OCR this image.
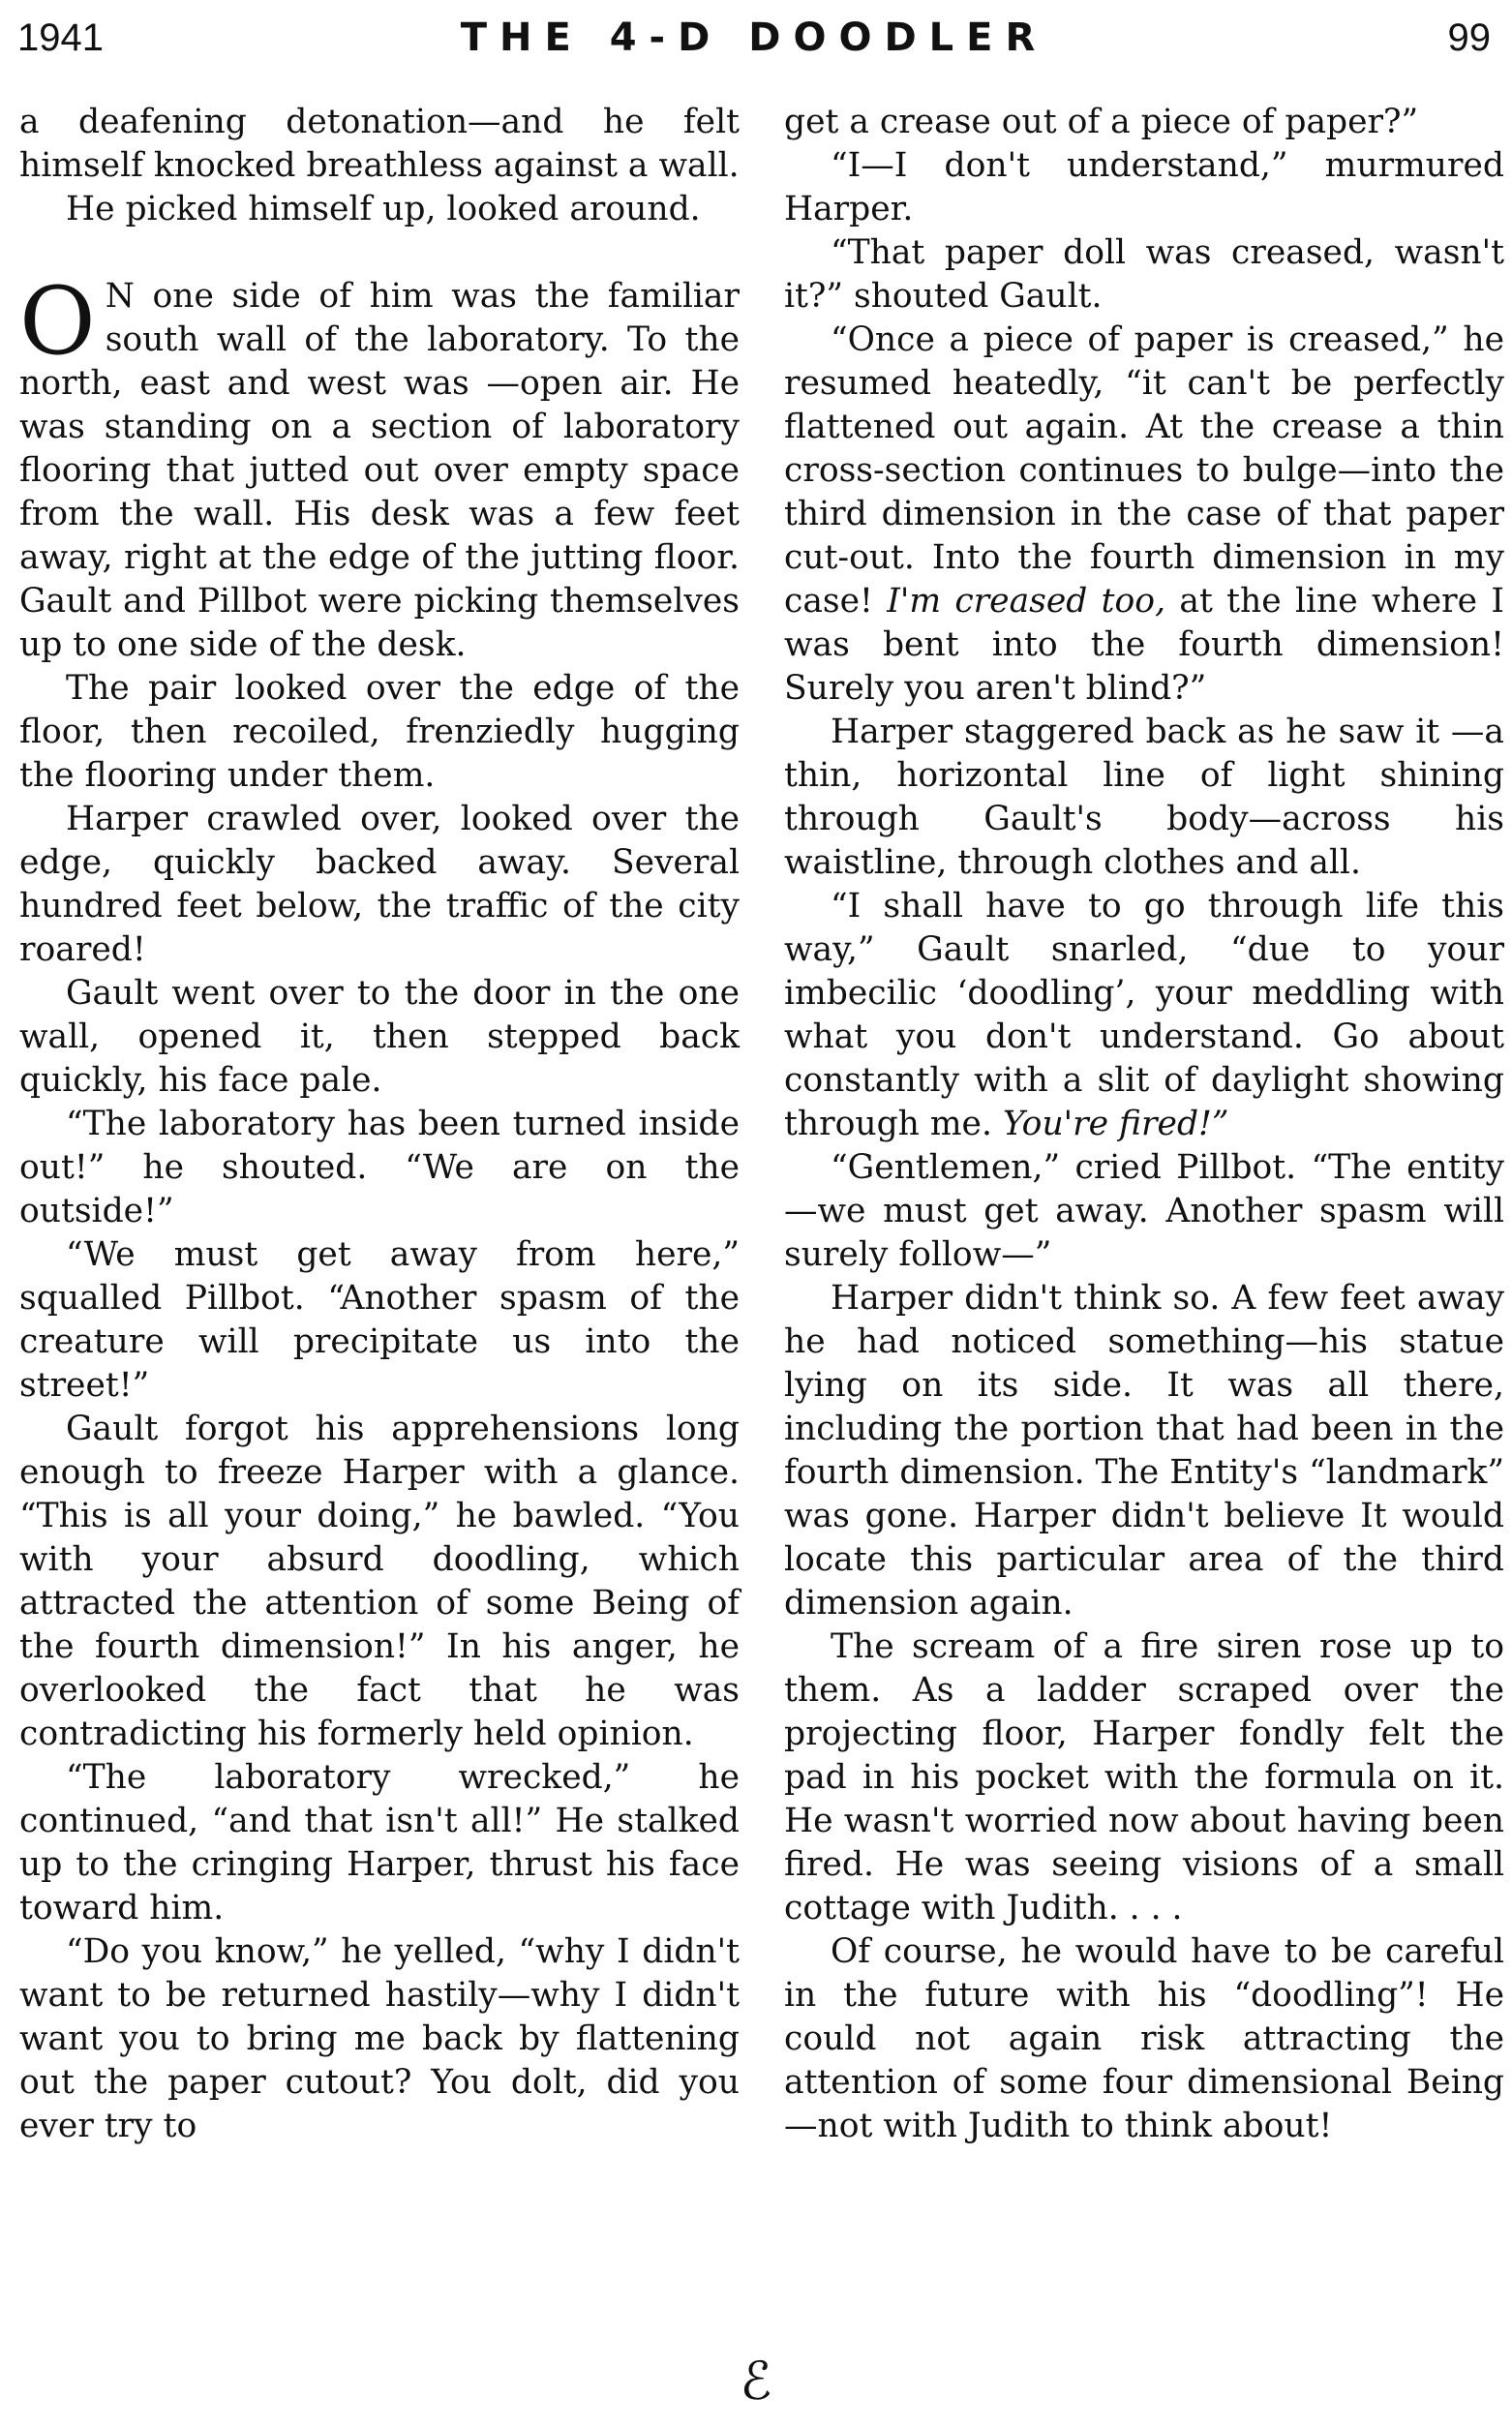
1941	THE 4-D DOODLER	99

a deafening detonation—and he felt himself knocked breathless against a wall.

He picked himself up, looked around.

O N one side of him was the familiar south wall of the laboratory. To the north, east and west was —open air. He was standing on a section of laboratory flooring that jutted out over empty space from the wall. His desk was a few feet away, right at the edge of the jutting floor. Gault and Pillbot were picking themselves up to one side of the desk.

The pair looked over the edge of the floor, then recoiled, frenziedly hugging the flooring under them.

Harper crawled over, looked over the edge, quickly backed away. Several hundred feet below, the traffic of the city roared!

Gault went over to the door in the one wall, opened it, then stepped back quickly, his face pale.

“The laboratory has been turned inside out!” he shouted. “We are on the outside!”

“We must get away from here,” squalled Pillbot. “Another spasm of the creature will precipitate us into the street!”

Gault forgot his apprehensions long enough to freeze Harper with a glance. “This is all your doing,” he bawled. “You with your absurd doodling, which attracted the attention of some Being of the fourth dimension!” In his anger, he overlooked the fact that he was contradicting his formerly held opinion.

“The laboratory wrecked,” he continued, “and that isn't all!” He stalked up to the cringing Harper, thrust his face toward him.

“Do you know,” he yelled, “why I didn't want to be returned hastily—why I didn't want you to bring me back by flattening out the paper cutout? You dolt, did you ever try to

get a crease out of a piece of paper?”

“I—I don't understand,” murmured Harper.

“That paper doll was creased, wasn't it?” shouted Gault.

“Once a piece of paper is creased,” he resumed heatedly, “it can't be perfectly flattened out again. At the crease a thin cross-section continues to bulge—into the third dimension in the case of that paper cut-out. Into the fourth dimension in my case! I'm creased too, at the line where I was bent into the fourth dimension! Surely you aren't blind?”

Harper staggered back as he saw it —a thin, horizontal line of light shining through Gault's body—across his waistline, through clothes and all.

“I shall have to go through life this way,” Gault snarled, “due to your imbecilic ‘doodling’, your meddling with what you don't understand. Go about constantly with a slit of daylight showing through me. You're fired!”

“Gentlemen,” cried Pillbot. “The entity—we must get away. Another spasm will surely follow—”

Harper didn't think so. A few feet away he had noticed something—his statue lying on its side. It was all there, including the portion that had been in the fourth dimension. The Entity's “landmark” was gone. Harper didn't believe It would locate this particular area of the third dimension again.

The scream of a fire siren rose up to them. As a ladder scraped over the projecting floor, Harper fondly felt the pad in his pocket with the formula on it. He wasn't worried now about having been fired. He was seeing visions of a small cottage with Judith. . . .

Of course, he would have to be careful in the future with his “doodling”! He could not again risk attracting the attention of some four dimensional Being—not with Judith to think about!

ℰ
